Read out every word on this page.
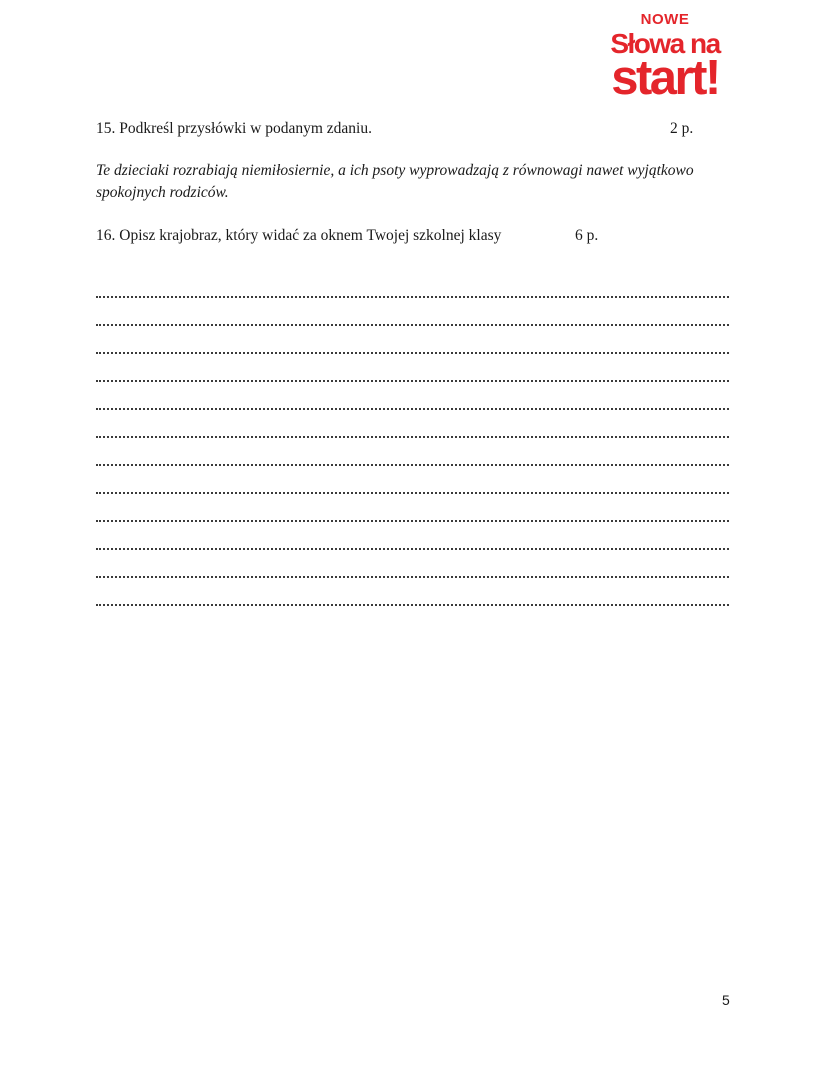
NOWE
Słowa na
start!
15. Podkreśl przysłówki w podanym zdaniu.	2 p.
Te dzieciaki rozrabiają niemiłosiernie, a ich psoty wyprowadzają z równowagi nawet wyjątkowo spokojnych rodziców.
16. Opisz krajobraz, który widać za oknem Twojej szkolnej klasy	6 p.
5
